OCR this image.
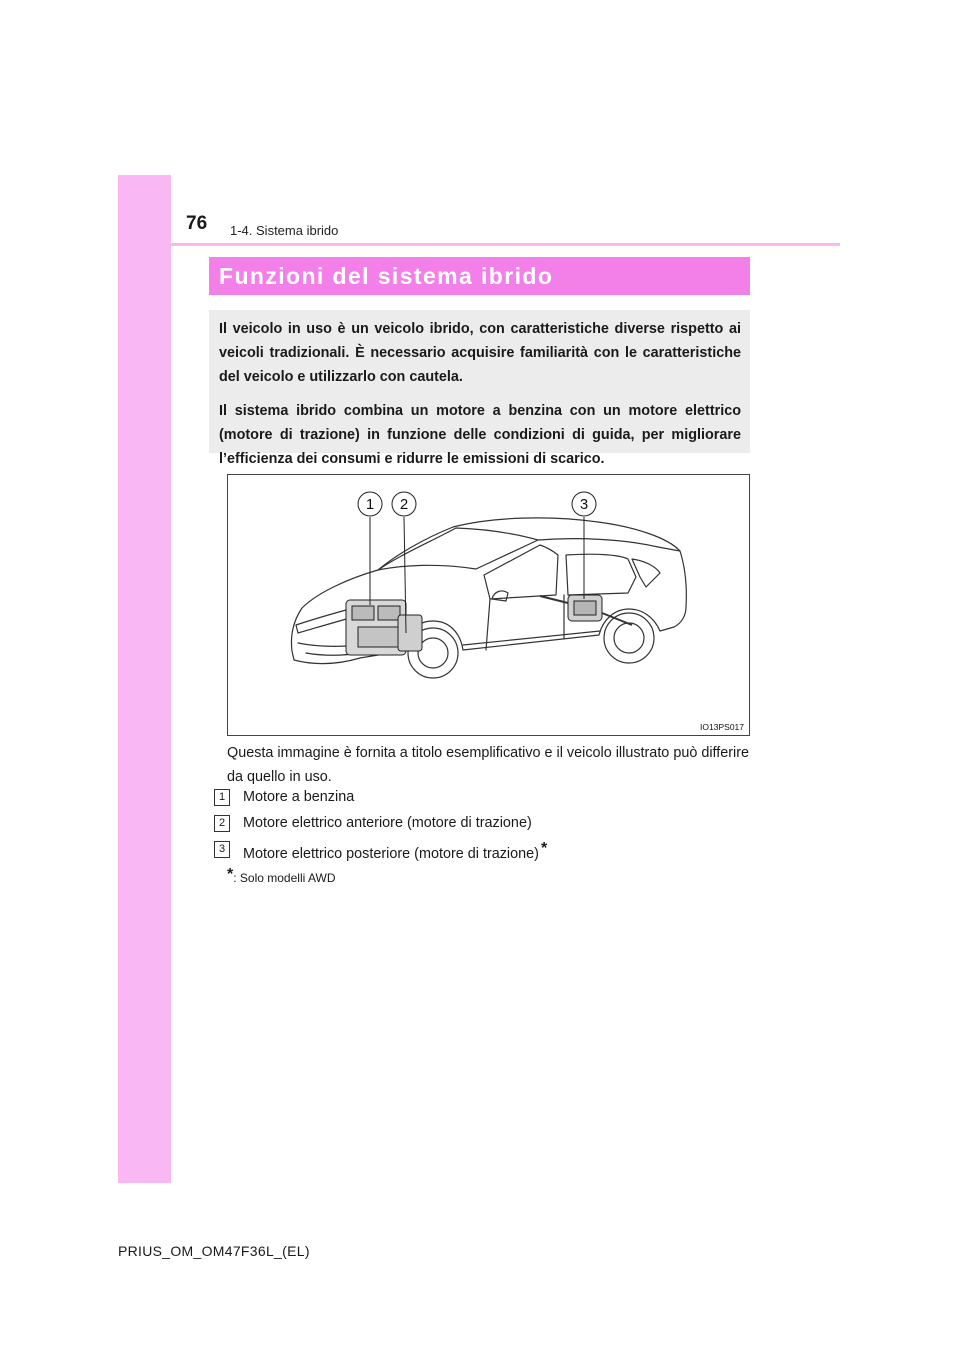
76 1-4. Sistema ibrido
Funzioni del sistema ibrido

Il veicolo in uso è un veicolo ibrido, con caratteristiche diverse rispetto ai veicoli tradizionali. È necessario acquisire familiarità con le caratteristiche del veicolo e utilizzarlo con cautela.

Il sistema ibrido combina un motore a benzina con un motore elettrico (motore di trazione) in funzione delle condizioni di guida, per migliorare l’efficienza dei consumi e ridurre le emissioni di scarico.

1 2	3
IO13PS017
Questa immagine è fornita a titolo esemplificativo e il veicolo illustrato può differire da quello in uso.
1	Motore a benzina
2	Motore elettrico anteriore (motore di trazione)
3	Motore elettrico posteriore (motore di trazione) *
*: Solo modelli AWD
PRIUS_OM_OM47F36L_(EL)
